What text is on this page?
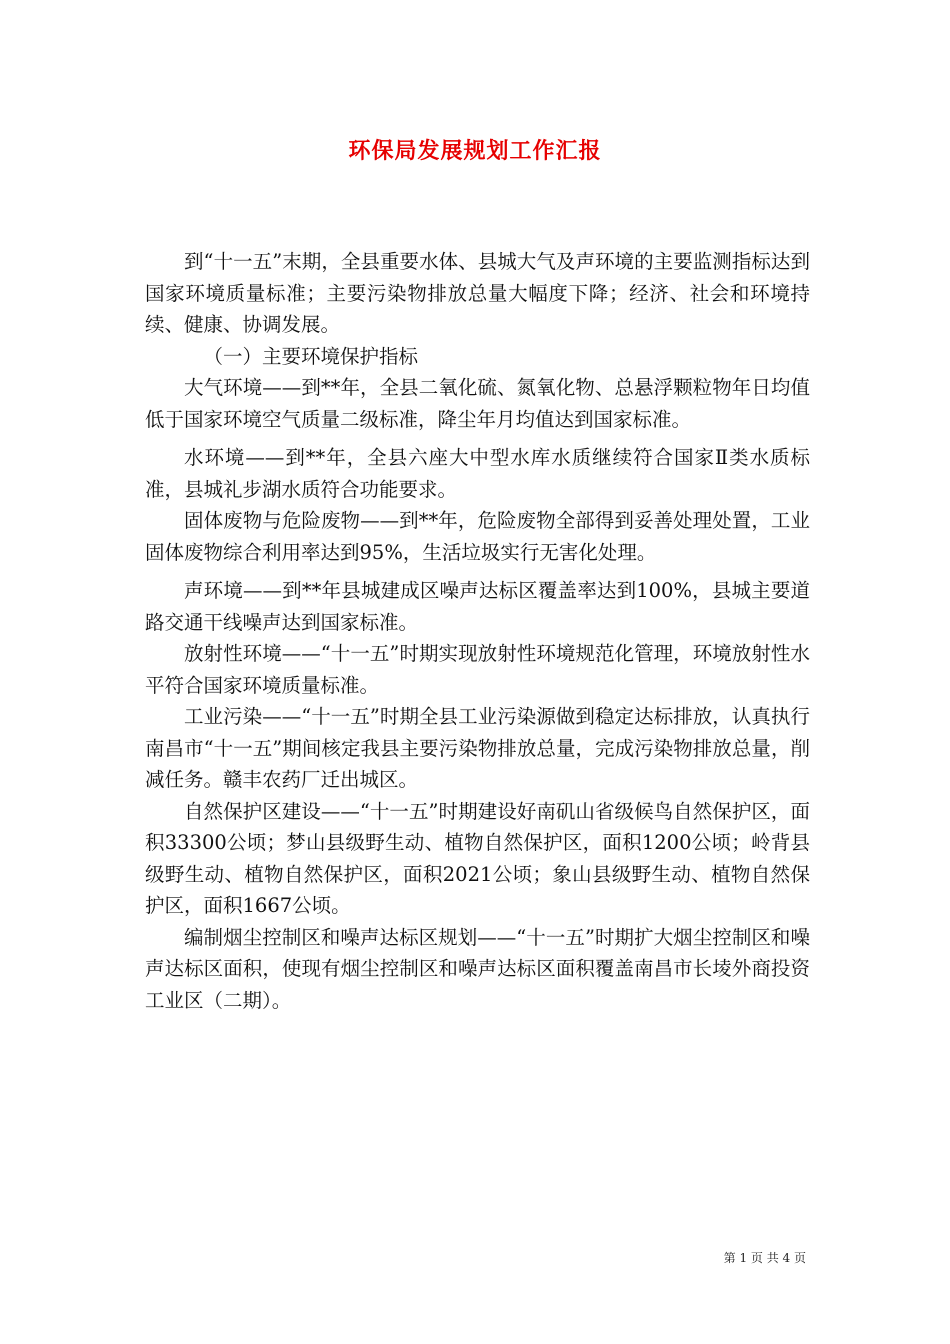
环保局发展规划工作汇报

到“十一五”末期，全县重要水体、县城大气及声环境的主要监测指标达到国家环境质量标准；主要污染物排放总量大幅度下降；经济、社会和环境持续、健康、协调发展。

（一）主要环境保护指标

大气环境——到**年，全县二氧化硫、氮氧化物、总悬浮颗粒物年日均值低于国家环境空气质量二级标准，降尘年月均值达到国家标准。

水环境——到**年，全县六座大中型水库水质继续符合国家Ⅱ类水质标准，县城礼步湖水质符合功能要求。

固体废物与危险废物——到**年，危险废物全部得到妥善处理处置，工业固体废物综合利用率达到95%，生活垃圾实行无害化处理。

声环境——到**年县城建成区噪声达标区覆盖率达到100%，县城主要道路交通干线噪声达到国家标准。

放射性环境——“十一五”时期实现放射性环境规范化管理，环境放射性水平符合国家环境质量标准。

工业污染——“十一五”时期全县工业污染源做到稳定达标排放，认真执行南昌市“十一五”期间核定我县主要污染物排放总量，完成污染物排放总量，削减任务。赣丰农药厂迁出城区。

自然保护区建设——“十一五”时期建设好南矶山省级候鸟自然保护区，面积33300公顷；梦山县级野生动、植物自然保护区，面积1200公顷；岭背县级野生动、植物自然保护区，面积2021公顷；象山县级野生动、植物自然保护区，面积1667公顷。

编制烟尘控制区和噪声达标区规划——“十一五”时期扩大烟尘控制区和噪声达标区面积，使现有烟尘控制区和噪声达标区面积覆盖南昌市长堎外商投资工业区（二期）。

第 1 页 共 4 页
